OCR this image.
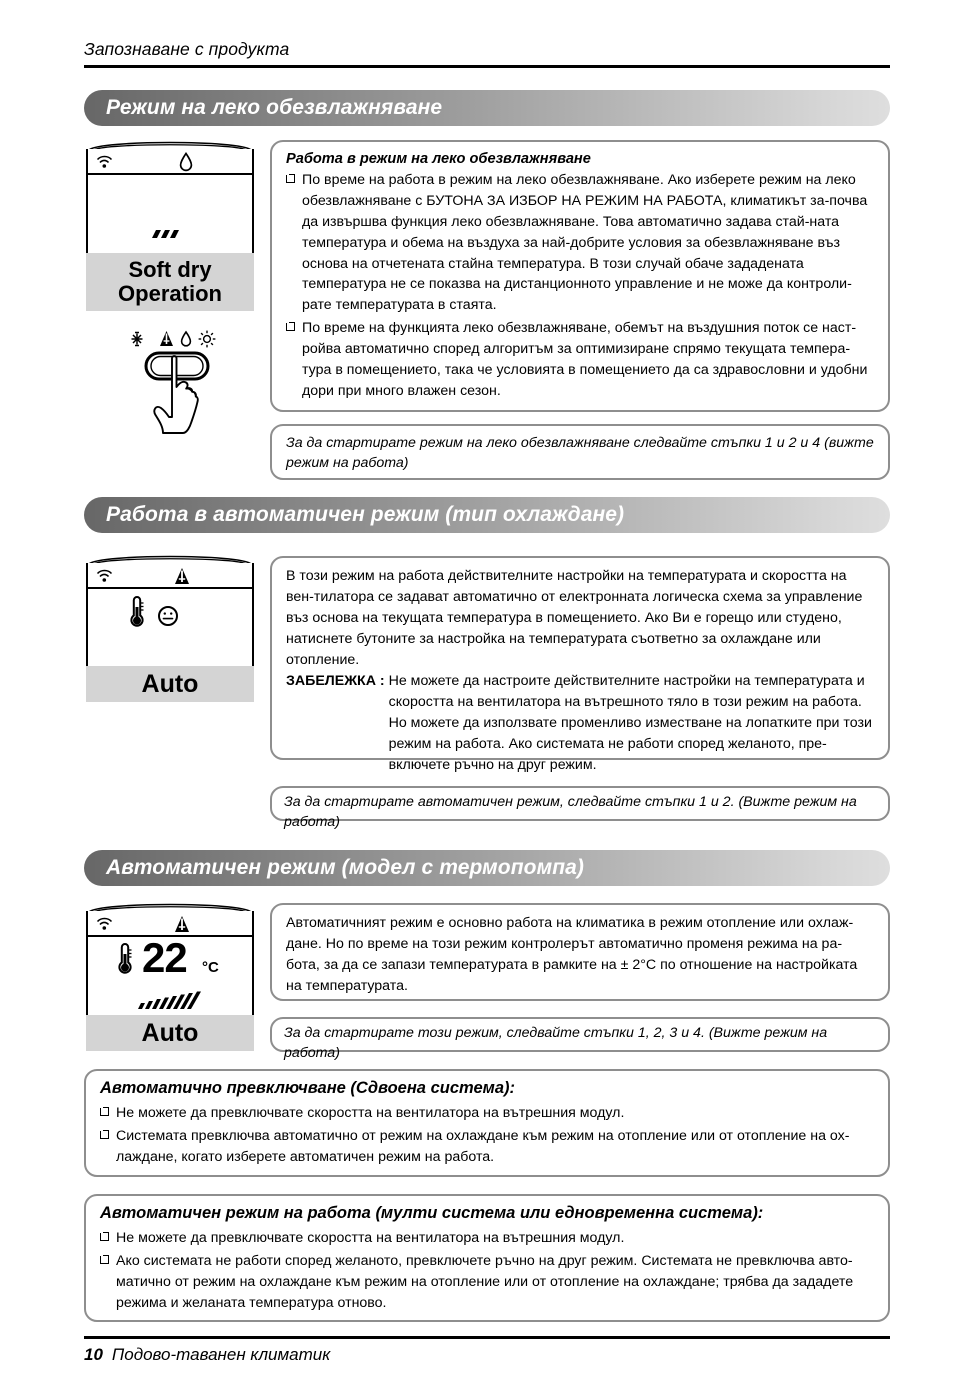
Запознаване с продукта
Режим на леко обезвлажняване
Soft dry
Operation
Работа в режим на леко обезвлажняване
По време на работа в режим на леко обезвлажняване. Ако изберете режим на леко обезвлажняване с БУТОНА ЗА ИЗБОР НА РЕЖИМ НА РАБОТА, климатикът за-почва да извършва функция леко обезвлажняване. Това автоматично задава стай-ната температура и обема на въздуха за най-добрите условия за обезвлажняване въз основа на отчетената стайна температура. В този случай обаче зададената температура не се показва на дистанционното управление и не може да контроли-рате температурата в стаята.
По време на функцията леко обезвлажняване, обемът на въздушния поток се наст-ройва автоматично според алгоритъм за оптимизиране спрямо текущата темпера-тура в помещението, така че условията в помещението да са здравословни и удобни дори при много влажен сезон.
За да стартирате режим на леко обезвлажняване следвайте стъпки 1 и 2 и 4 (вижте режим на работа)
Работа в автоматичен режим (тип охлаждане)
Auto
В този режим на работа действителните настройки на температурата и скоростта на вен-тилатора се задават автоматично от електронната логическа схема за управление въз основа на текущата температура в помещението. Ако Ви е горещо или студено, натиснете бутоните за настройка на температурата съответно за охлаждане или отопление.
ЗАБЕЛЕЖКА : Не можете да настроите действителните настройки на температурата и скоростта на вентилатора на вътрешното тяло в този режим на работа. Но можете да използвате променливо изместване на лопатките при този режим на работа. Ако системата не работи според желаното, пре-включете ръчно на друг режим.
За да стартирате автоматичен режим, следвайте стъпки 1 и 2. (Вижте режим на работа)
Автоматичен режим (модел с термопомпа)
22 °C
Auto
Автоматичният режим е основно работа на климатика в режим отопление или охлаж-дане. Но по време на този режим контролерът автоматично променя режима на ра-бота, за да се запази температурата в рамките на ± 2°C по отношение на настройката на температурата.
За да стартирате този режим, следвайте стъпки 1, 2, 3 и 4. (Вижте режим на работа)
Автоматично превключване (Сдвоена система):
Не можете да превключвате скоростта на вентилатора на вътрешния модул.
Системата превключва автоматично от режим на охлаждане към режим на отопление или от отопление на ох-лаждане, когато изберете автоматичен режим на работа.
Автоматичен режим на работа (мулти система или едновременна система):
Не можете да превключвате скоростта на вентилатора на вътрешния модул.
Ако системата не работи според желаното, превключете ръчно на друг режим. Системата не превключва авто-матично от режим на охлаждане към режим на отопление или от отопление на охлаждане; трябва да зададете режима и желаната температура отново.
10 Подово-таванен климатик
